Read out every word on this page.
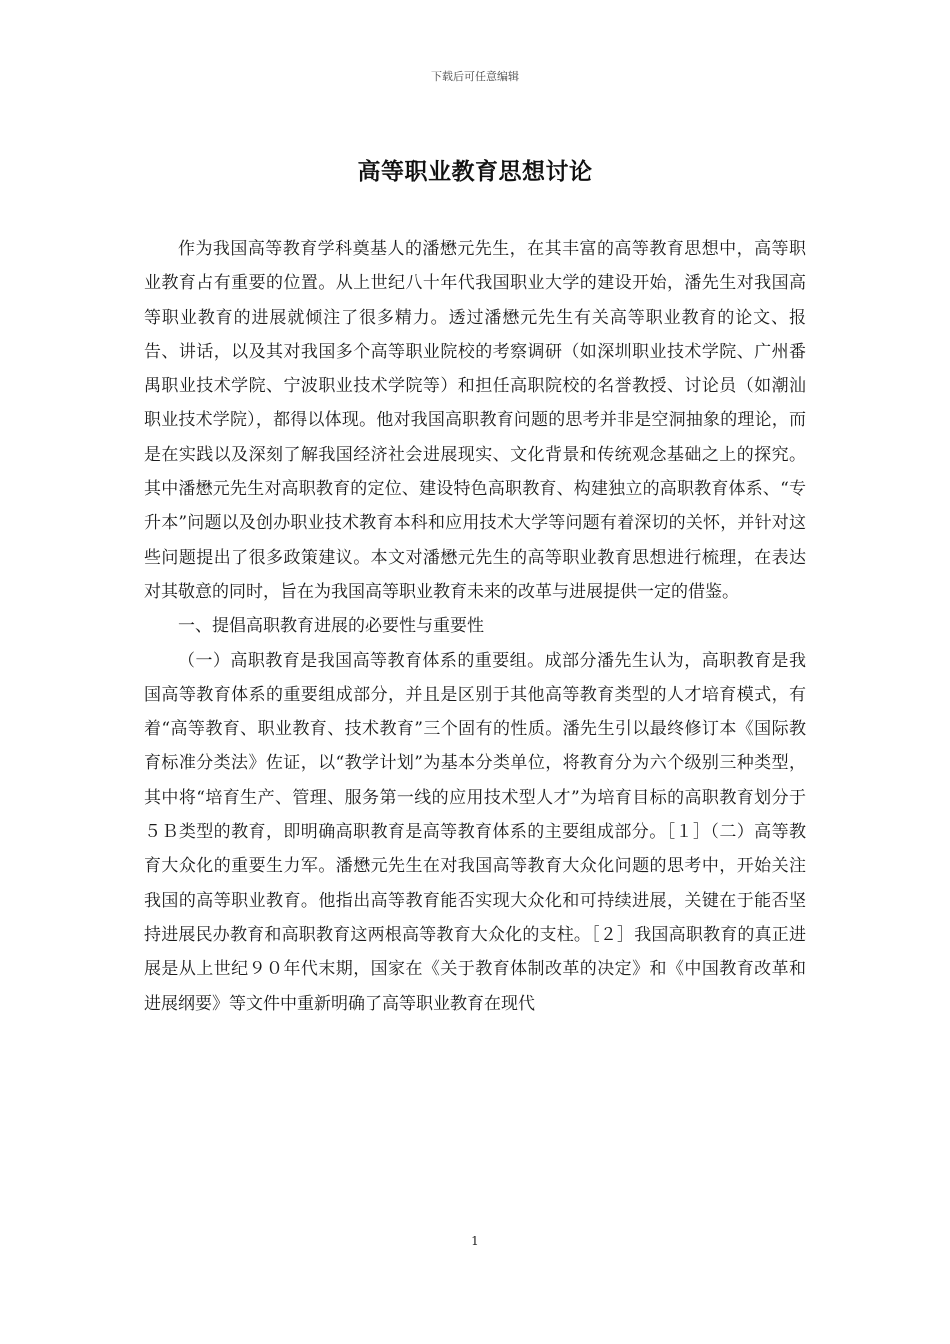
下载后可任意编辑
高等职业教育思想讨论

作为我国高等教育学科奠基人的潘懋元先生，在其丰富的高等教育思想中，高等职业教育占有重要的位置。从上世纪八十年代我国职业大学的建设开始，潘先生对我国高等职业教育的进展就倾注了很多精力。透过潘懋元先生有关高等职业教育的论文、报告、讲话，以及其对我国多个高等职业院校的考察调研（如深圳职业技术学院、广州番禺职业技术学院、宁波职业技术学院等）和担任高职院校的名誉教授、讨论员（如潮汕职业技术学院），都得以体现。他对我国高职教育问题的思考并非是空洞抽象的理论，而是在实践以及深刻了解我国经济社会进展现实、文化背景和传统观念基础之上的探究。其中潘懋元先生对高职教育的定位、建设特色高职教育、构建独立的高职教育体系、“专升本”问题以及创办职业技术教育本科和应用技术大学等问题有着深切的关怀，并针对这些问题提出了很多政策建议。本文对潘懋元先生的高等职业教育思想进行梳理，在表达对其敬意的同时，旨在为我国高等职业教育未来的改革与进展提供一定的借鉴。

一、提倡高职教育进展的必要性与重要性

（一）高职教育是我国高等教育体系的重要组。成部分潘先生认为，高职教育是我国高等教育体系的重要组成部分，并且是区别于其他高等教育类型的人才培育模式，有着“高等教育、职业教育、技术教育”三个固有的性质。潘先生引以最终修订本《国际教育标准分类法》佐证，以“教学计划”为基本分类单位，将教育分为六个级别三种类型，其中将“培育生产、管理、服务第一线的应用技术型人才”为培育目标的高职教育划分于５Ｂ类型的教育，即明确高职教育是高等教育体系的主要组成部分。［１］（二）高等教育大众化的重要生力军。潘懋元先生在对我国高等教育大众化问题的思考中，开始关注我国的高等职业教育。他指出高等教育能否实现大众化和可持续进展，关键在于能否坚持进展民办教育和高职教育这两根高等教育大众化的支柱。［２］我国高职教育的真正进展是从上世纪９０年代末期，国家在《关于教育体制改革的决定》和《中国教育改革和进展纲要》等文件中重新明确了高等职业教育在现代

1
